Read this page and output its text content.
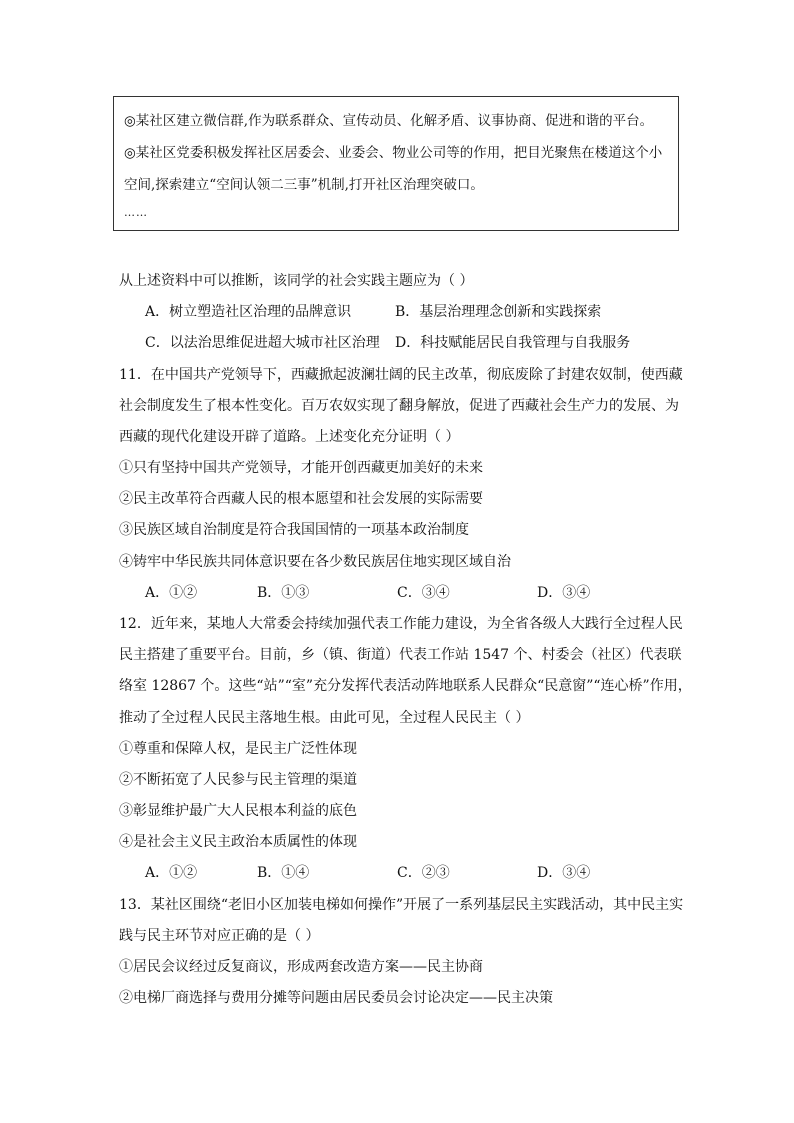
◎某社区建立微信群,作为联系群众、宣传动员、化解矛盾、议事协商、促进和谐的平台。
◎某社区党委积极发挥社区居委会、业委会、物业公司等的作用，把目光聚焦在楼道这个小
空间,探索建立“空间认领二三事”机制,打开社区治理突破口。
……
从上述资料中可以推断，该同学的社会实践主题应为（ ）
A．树立塑造社区治理的品牌意识	B．基层治理理念创新和实践探索
C．以法治思维促进超大城市社区治理 D．科技赋能居民自我管理与自我服务
11．在中国共产党领导下，西藏掀起波澜壮阔的民主改革，彻底废除了封建农奴制，使西藏
社会制度发生了根本性变化。百万农奴实现了翻身解放，促进了西藏社会生产力的发展、为
西藏的现代化建设开辟了道路。上述变化充分证明（ ）
①只有坚持中国共产党领导，才能开创西藏更加美好的未来
②民主改革符合西藏人民的根本愿望和社会发展的实际需要
③民族区域自治制度是符合我国国情的一项基本政治制度
④铸牢中华民族共同体意识要在各少数民族居住地实现区域自治
A．①②	B．①③	C．③④	D．③④
12．近年来，某地人大常委会持续加强代表工作能力建设，为全省各级人大践行全过程人民
民主搭建了重要平台。目前，乡（镇、街道）代表工作站 1547 个、村委会（社区）代表联
络室 12867 个。这些“站”“室”充分发挥代表活动阵地联系人民群众“民意窗”“连心桥”作用，
推动了全过程人民民主落地生根。由此可见，全过程人民民主（ ）
①尊重和保障人权，是民主广泛性体现
②不断拓宽了人民参与民主管理的渠道
③彰显维护最广大人民根本利益的底色
④是社会主义民主政治本质属性的体现
A．①②	B．①④	C．②③	D．③④
13．某社区围绕“老旧小区加装电梯如何操作”开展了一系列基层民主实践活动，其中民主实
践与民主环节对应正确的是（ ）
①居民会议经过反复商议，形成两套改造方案——民主协商
②电梯厂商选择与费用分摊等问题由居民委员会讨论决定——民主决策
